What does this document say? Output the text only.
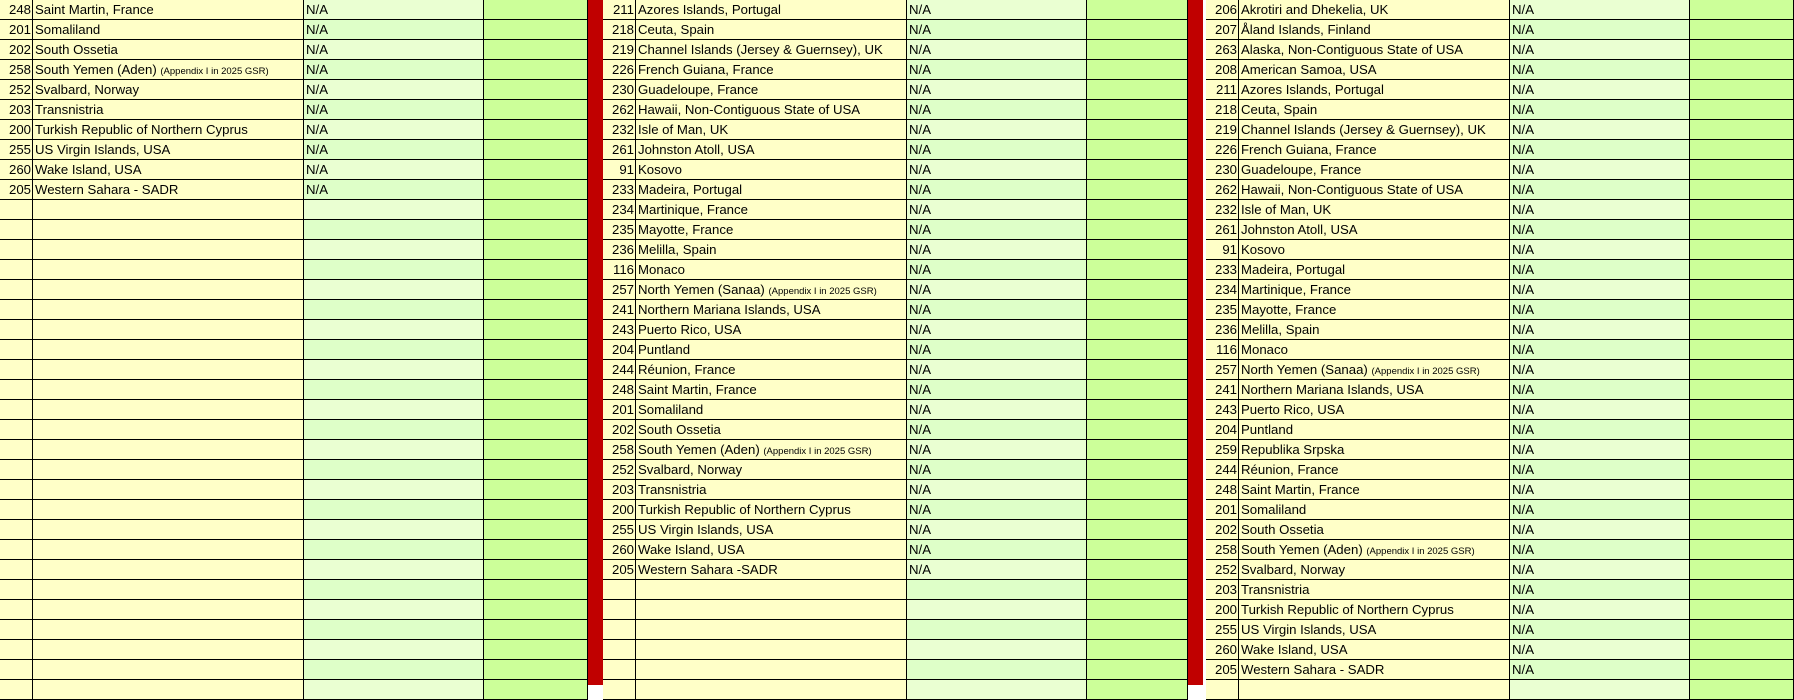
248 Saint Martin, France	N/A
201 Somaliland	N/A
202 South Ossetia	N/A
258 South Yemen (Aden) (Appendix I in 2025 GSR)	N/A
252 Svalbard, Norway	N/A
203 Transnistria	N/A
200 Turkish Republic of Northern Cyprus	N/A
255 US Virgin Islands, USA	N/A
260 Wake Island, USA	N/A
205 Western Sahara - SADR	N/A
211 Azores Islands, Portugal	N/A
218 Ceuta, Spain	N/A
219 Channel Islands (Jersey & Guernsey), UK	N/A
226 French Guiana, France	N/A
230 Guadeloupe, France	N/A
262 Hawaii, Non-Contiguous State of USA	N/A
232 Isle of Man, UK	N/A
261 Johnston Atoll, USA	N/A
91 Kosovo	N/A
233 Madeira, Portugal	N/A
234 Martinique, France	N/A
235 Mayotte, France	N/A
236 Melilla, Spain	N/A
116 Monaco	N/A
257 North Yemen (Sanaa) (Appendix I in 2025 GSR)	N/A
241 Northern Mariana Islands, USA	N/A
243 Puerto Rico, USA	N/A
204 Puntland	N/A
244 Réunion, France	N/A
248 Saint Martin, France	N/A
201 Somaliland	N/A
202 South Ossetia	N/A
258 South Yemen (Aden) (Appendix I in 2025 GSR)	N/A
252 Svalbard, Norway	N/A
203 Transnistria	N/A
200 Turkish Republic of Northern Cyprus	N/A
255 US Virgin Islands, USA	N/A
260 Wake Island, USA	N/A
205 Western Sahara -SADR	N/A
206 Akrotiri and Dhekelia, UK	N/A
207 Åland Islands, Finland	N/A
263 Alaska, Non-Contiguous State of USA	N/A
208 American Samoa, USA	N/A
211 Azores Islands, Portugal	N/A
218 Ceuta, Spain	N/A
219 Channel Islands (Jersey & Guernsey), UK	N/A
226 French Guiana, France	N/A
230 Guadeloupe, France	N/A
262 Hawaii, Non-Contiguous State of USA	N/A
232 Isle of Man, UK	N/A
261 Johnston Atoll, USA	N/A
91 Kosovo	N/A
233 Madeira, Portugal	N/A
234 Martinique, France	N/A
235 Mayotte, France	N/A
236 Melilla, Spain	N/A
116 Monaco	N/A
257 North Yemen (Sanaa) (Appendix I in 2025 GSR)	N/A
241 Northern Mariana Islands, USA	N/A
243 Puerto Rico, USA	N/A
204 Puntland	N/A
259 Republika Srpska	N/A
244 Réunion, France	N/A
248 Saint Martin, France	N/A
201 Somaliland	N/A
202 South Ossetia	N/A
258 South Yemen (Aden) (Appendix I in 2025 GSR)	N/A
252 Svalbard, Norway	N/A
203 Transnistria	N/A
200 Turkish Republic of Northern Cyprus	N/A
255 US Virgin Islands, USA	N/A
260 Wake Island, USA	N/A
205 Western Sahara - SADR	N/A
